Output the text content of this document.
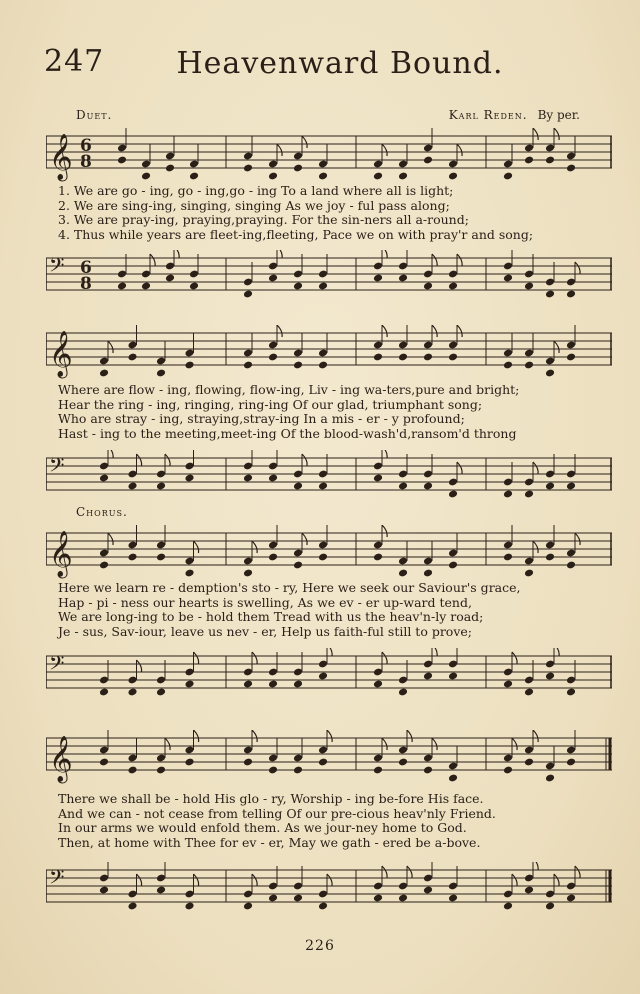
247	Heavenward Bound.
Duet.	Karl Reden. By per.
𝄞 6
8
1. We are go - ing, go - ing,go - ing To a land where all is light;
2. We are sing-ing, singing, singing As we joy - ful pass along;
3. We are pray-ing, praying,praying. For the sin-ners all a-round;
4. Thus while years are fleet-ing,fleeting, Pace we on with pray'r and song;
𝄢 6
8
𝄞
Where are flow - ing, flowing, flow-ing, Liv - ing wa-ters,pure and bright;
Hear the ring - ing, ringing, ring-ing Of our glad, triumphant song;
Who are stray - ing, straying,stray-ing In a mis - er - y profound;
Hast - ing to the meeting,meet-ing Of the blood-wash'd,ransom'd throng
𝄢
Chorus.
𝄞
Here we learn re - demption's sto - ry, Here we seek our Saviour's grace,
Hap - pi - ness our hearts is swelling, As we ev - er up-ward tend,
We are long-ing to be - hold them Tread with us the heav'n-ly road;
Je - sus, Sav-iour, leave us nev - er, Help us faith-ful still to prove;
𝄢
𝄞
There we shall be - hold His glo - ry, Worship - ing be-fore His face.
And we can - not cease from telling Of our pre-cious heav'nly Friend.
In our arms we would enfold them. As we jour-ney home to God.
Then, at home with Thee for ev - er, May we gath - ered be a-bove.
𝄢
226
